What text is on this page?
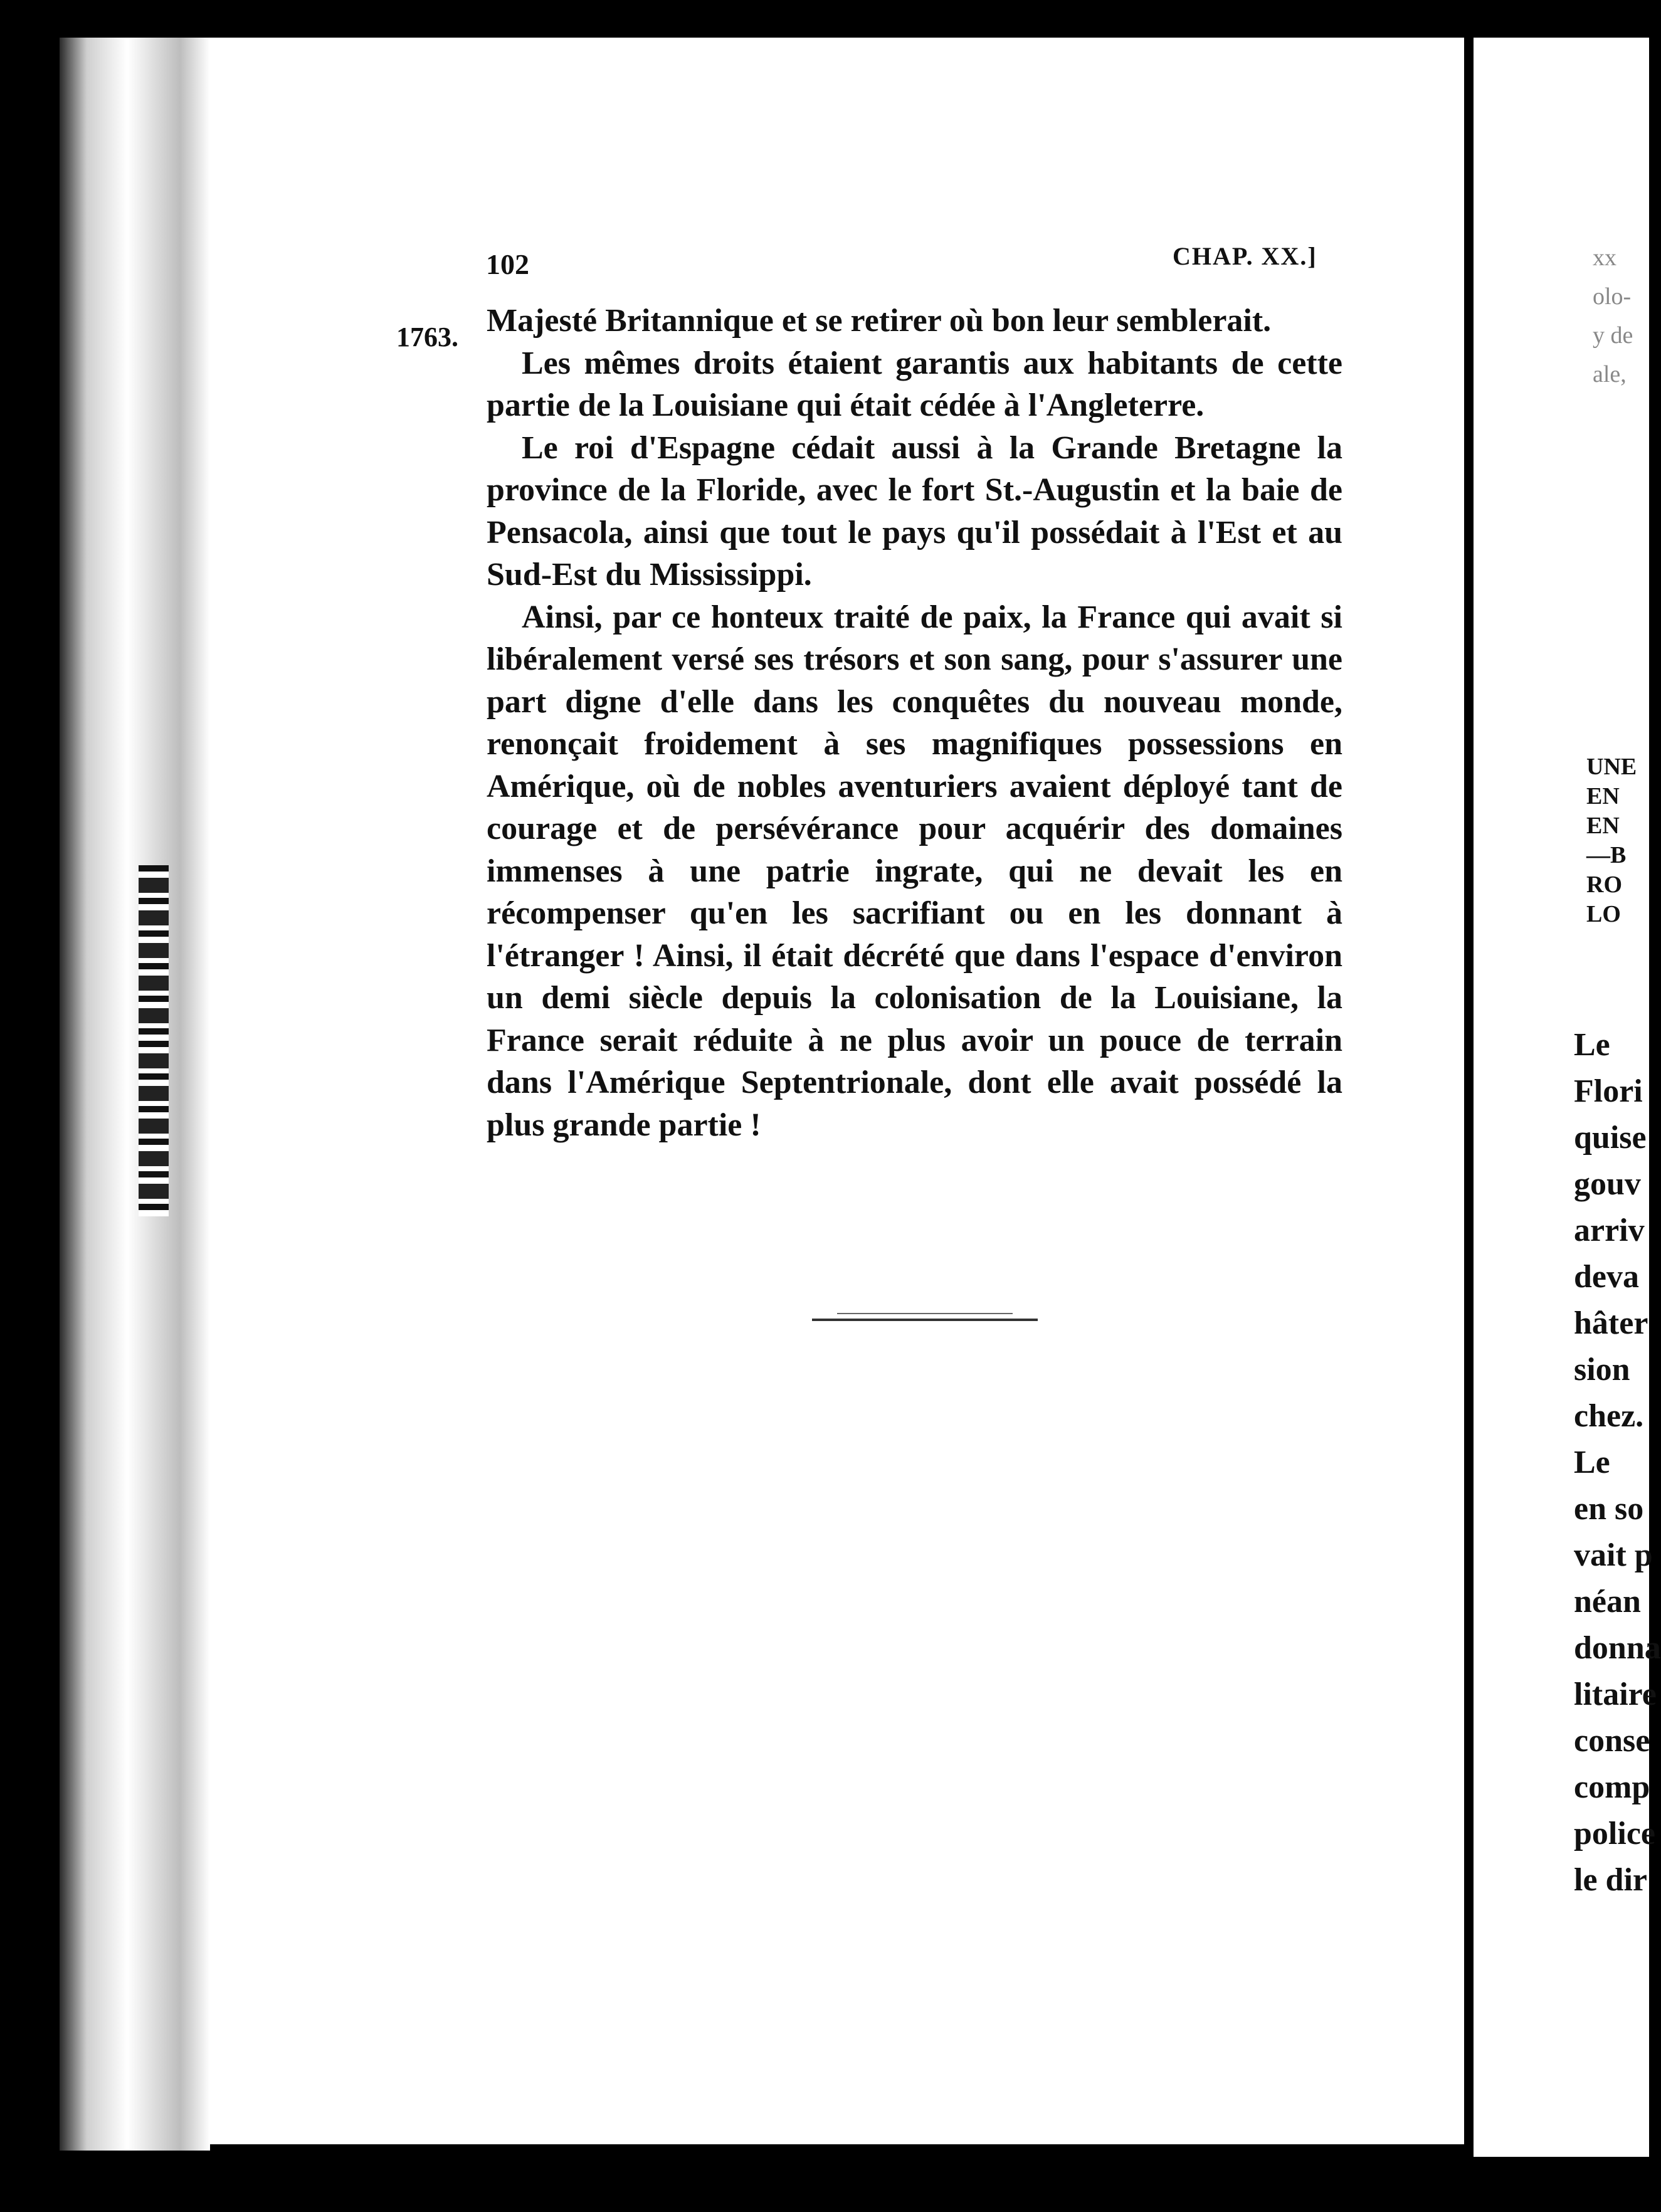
102	CHAP. XX.]
1763. Majesté Britannique et se retirer où bon leur semblerait.

Les mêmes droits étaient garantis aux habitants de cette partie de la Louisiane qui était cédée à l'Angleterre.

Le roi d'Espagne cédait aussi à la Grande Bretagne la province de la Floride, avec le fort St.-Augustin et la baie de Pensacola, ainsi que tout le pays qu'il possédait à l'Est et au Sud-Est du Mississippi.

Ainsi, par ce honteux traité de paix, la France qui avait si libéralement versé ses trésors et son sang, pour s'assurer une part digne d'elle dans les conquêtes du nouveau monde, renonçait froidement à ses magnifiques possessions en Amérique, où de nobles aventuriers avaient déployé tant de courage et de persévérance pour acquérir des domaines immenses à une patrie ingrate, qui ne devait les en récompenser qu'en les sacrifiant ou en les donnant à l'étranger ! Ainsi, il était décrété que dans l'espace d'environ un demi siècle depuis la colonisation de la Louisiane, la France serait réduite à ne plus avoir un pouce de terrain dans l'Amérique Septentrionale, dont elle avait possédé la plus grande partie !

xx
olo-
y de
ale,
UNE
EN
EN
—B
RO
LO
Le
Flori
quise
gouv
arriv
deva
hâter
sion
chez.
Le
en so
vait p
néan
donna
litaire
conse
comp
police
le dir
